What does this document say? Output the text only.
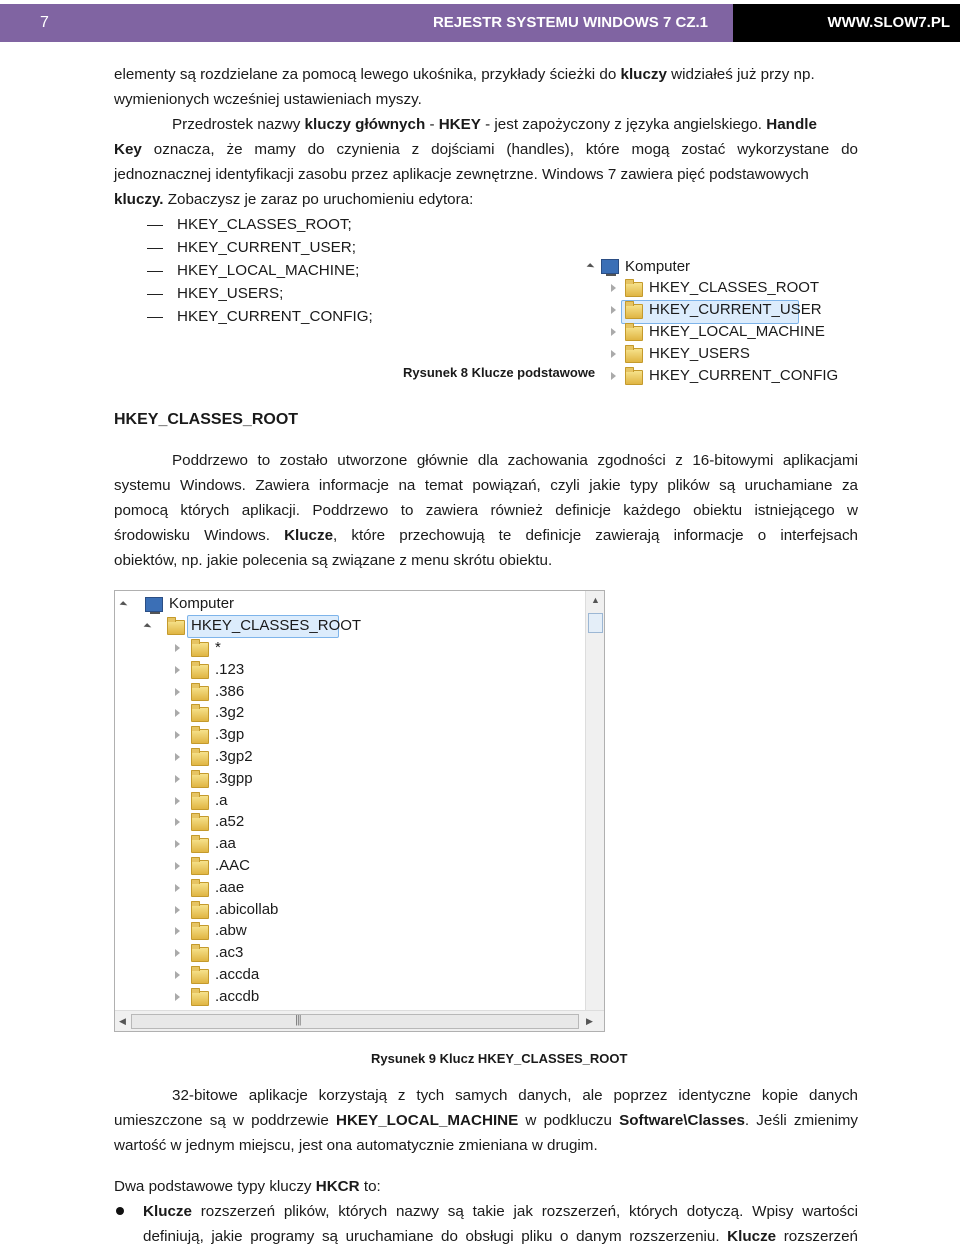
7	REJESTR SYSTEMU WINDOWS 7 CZ.1	WWW.SLOW7.PL
elementy są rozdzielane za pomocą lewego ukośnika, przykłady ścieżki do kluczy widziałeś już przy np.
wymienionych wcześniej ustawieniach myszy.
Przedrostek nazwy kluczy głównych - HKEY - jest zapożyczony z języka angielskiego. Handle
Key oznacza, że mamy do czynienia z dojściami (handles), które mogą zostać wykorzystane do
jednoznacznej identyfikacji zasobu przez aplikacje zewnętrzne. Windows 7 zawiera pięć podstawowych
kluczy. Zobaczysz je zaraz po uruchomieniu edytora:
HKEY_CLASSES_ROOT;
HKEY_CURRENT_USER;
HKEY_LOCAL_MACHINE;
HKEY_USERS;
HKEY_CURRENT_CONFIG;
Komputer
HKEY_CLASSES_ROOT
HKEY_CURRENT_USER
HKEY_LOCAL_MACHINE
HKEY_USERS
HKEY_CURRENT_CONFIG
Rysunek 8 Klucze podstawowe
HKEY_CLASSES_ROOT
Poddrzewo to zostało utworzone głównie dla zachowania zgodności z 16-bitowymi aplikacjami
systemu Windows. Zawiera informacje na temat powiązań, czyli jakie typy plików są uruchamiane za
pomocą których aplikacji. Poddrzewo to zawiera również definicje każdego obiektu istniejącego w
środowisku Windows. Klucze, które przechowują te definicje zawierają informacje o interfejsach
obiektów, np. jakie polecenia są związane z menu skrótu obiektu.
Komputer
HKEY_CLASSES_ROOT
*
.123
.386
.3g2
.3gp
.3gp2
.3gpp
.a
.a52
.aa
.AAC
.aae
.abicollab
.abw
.ac3
.accda
.accdb
▲
◀	|||	▶
Rysunek 9 Klucz HKEY_CLASSES_ROOT
32-bitowe aplikacje korzystają z tych samych danych, ale poprzez identyczne kopie danych
umieszczone są w poddrzewie HKEY_LOCAL_MACHINE w podkluczu Software\Classes. Jeśli zmienimy
wartość w jednym miejscu, jest ona automatycznie zmieniana w drugim.
Dwa podstawowe typy kluczy HKCR to:
Klucze rozszerzeń plików, których nazwy są takie jak rozszerzeń, których dotyczą. Wpisy wartości
definiują, jakie programy są uruchamiane do obsługi pliku o danym rozszerzeniu. Klucze rozszerzeń
